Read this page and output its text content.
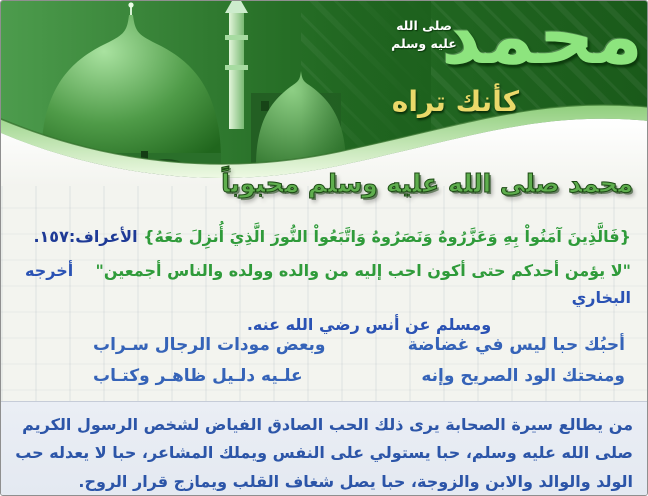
محمد
صلى الله عليه وسلم
كأنك تراه
محمد صلى الله عليه وسلم محبوباً
{فَالَّذِينَ آمَنُواْ بِهِ وَعَزَّرُوهُ وَنَصَرُوهُ وَاتَّبَعُواْ النُّورَ الَّذِيَ أُنزِلَ مَعَهُ} الأعراف:١٥٧.
"لا يؤمن أحدكم حتى أكون احب إليه من والده وولده والناس أجمعين"    أخرجه البخاري
ومسلم عن أنس رضي الله عنه.
أحبُك حبا ليس في غضاضة
وبعض مودات الرجال سـراب
ومنحتك الود الصريح وإنه
علـيه دلـيل ظاهـر وكتـاب
من يطالع سيرة الصحابة يرى ذلك الحب الصادق الفياض لشخص الرسول الكريم صلى الله عليه وسلم، حبا يستولي على النفس ويملك المشاعر، حبا لا يعدله حب الولد والوالد والابن والزوجة، حبا يصل شغاف القلب ويمازج قرار الروح.
